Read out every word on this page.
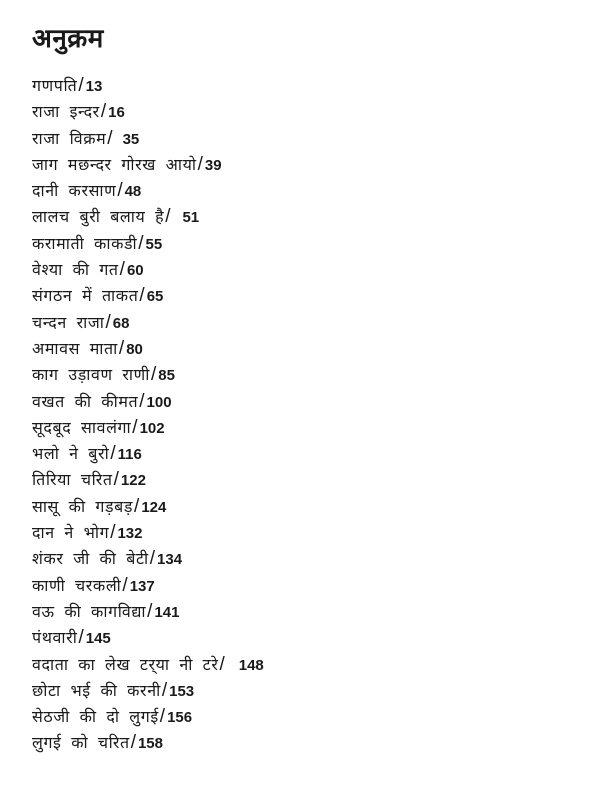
अनुक्रम
गणपति/ 13
राजा इन्दर/ 16
राजा विक्रम/ 35
जाग मछन्दर गोरख आयो/ 39
दानी करसाण/ 48
लालच बुरी बलाय है/ 51
करामाती काकडी/ 55
वेश्या की गत/ 60
संगठन में ताकत/ 65
चन्दन राजा/ 68
अमावस माता/ 80
काग उड़ावण राणी/ 85
वखत की कीमत/ 100
सूदबूद सावलंगा/ 102
भलो ने बुरो/ 116
तिरिया चरित/ 122
सासू की गड़बड़/ 124
दान ने भोग/ 132
शंकर जी की बेटी/ 134
काणी चरकली/ 137
वऊ की कागविद्या/ 141
पंथवारी/ 145
वदाता का लेख टर्‌या नी टरे/ 148
छोटा भई की करनी/ 153
सेठजी की दो लुगई/ 156
लुगई को चरित/ 158
